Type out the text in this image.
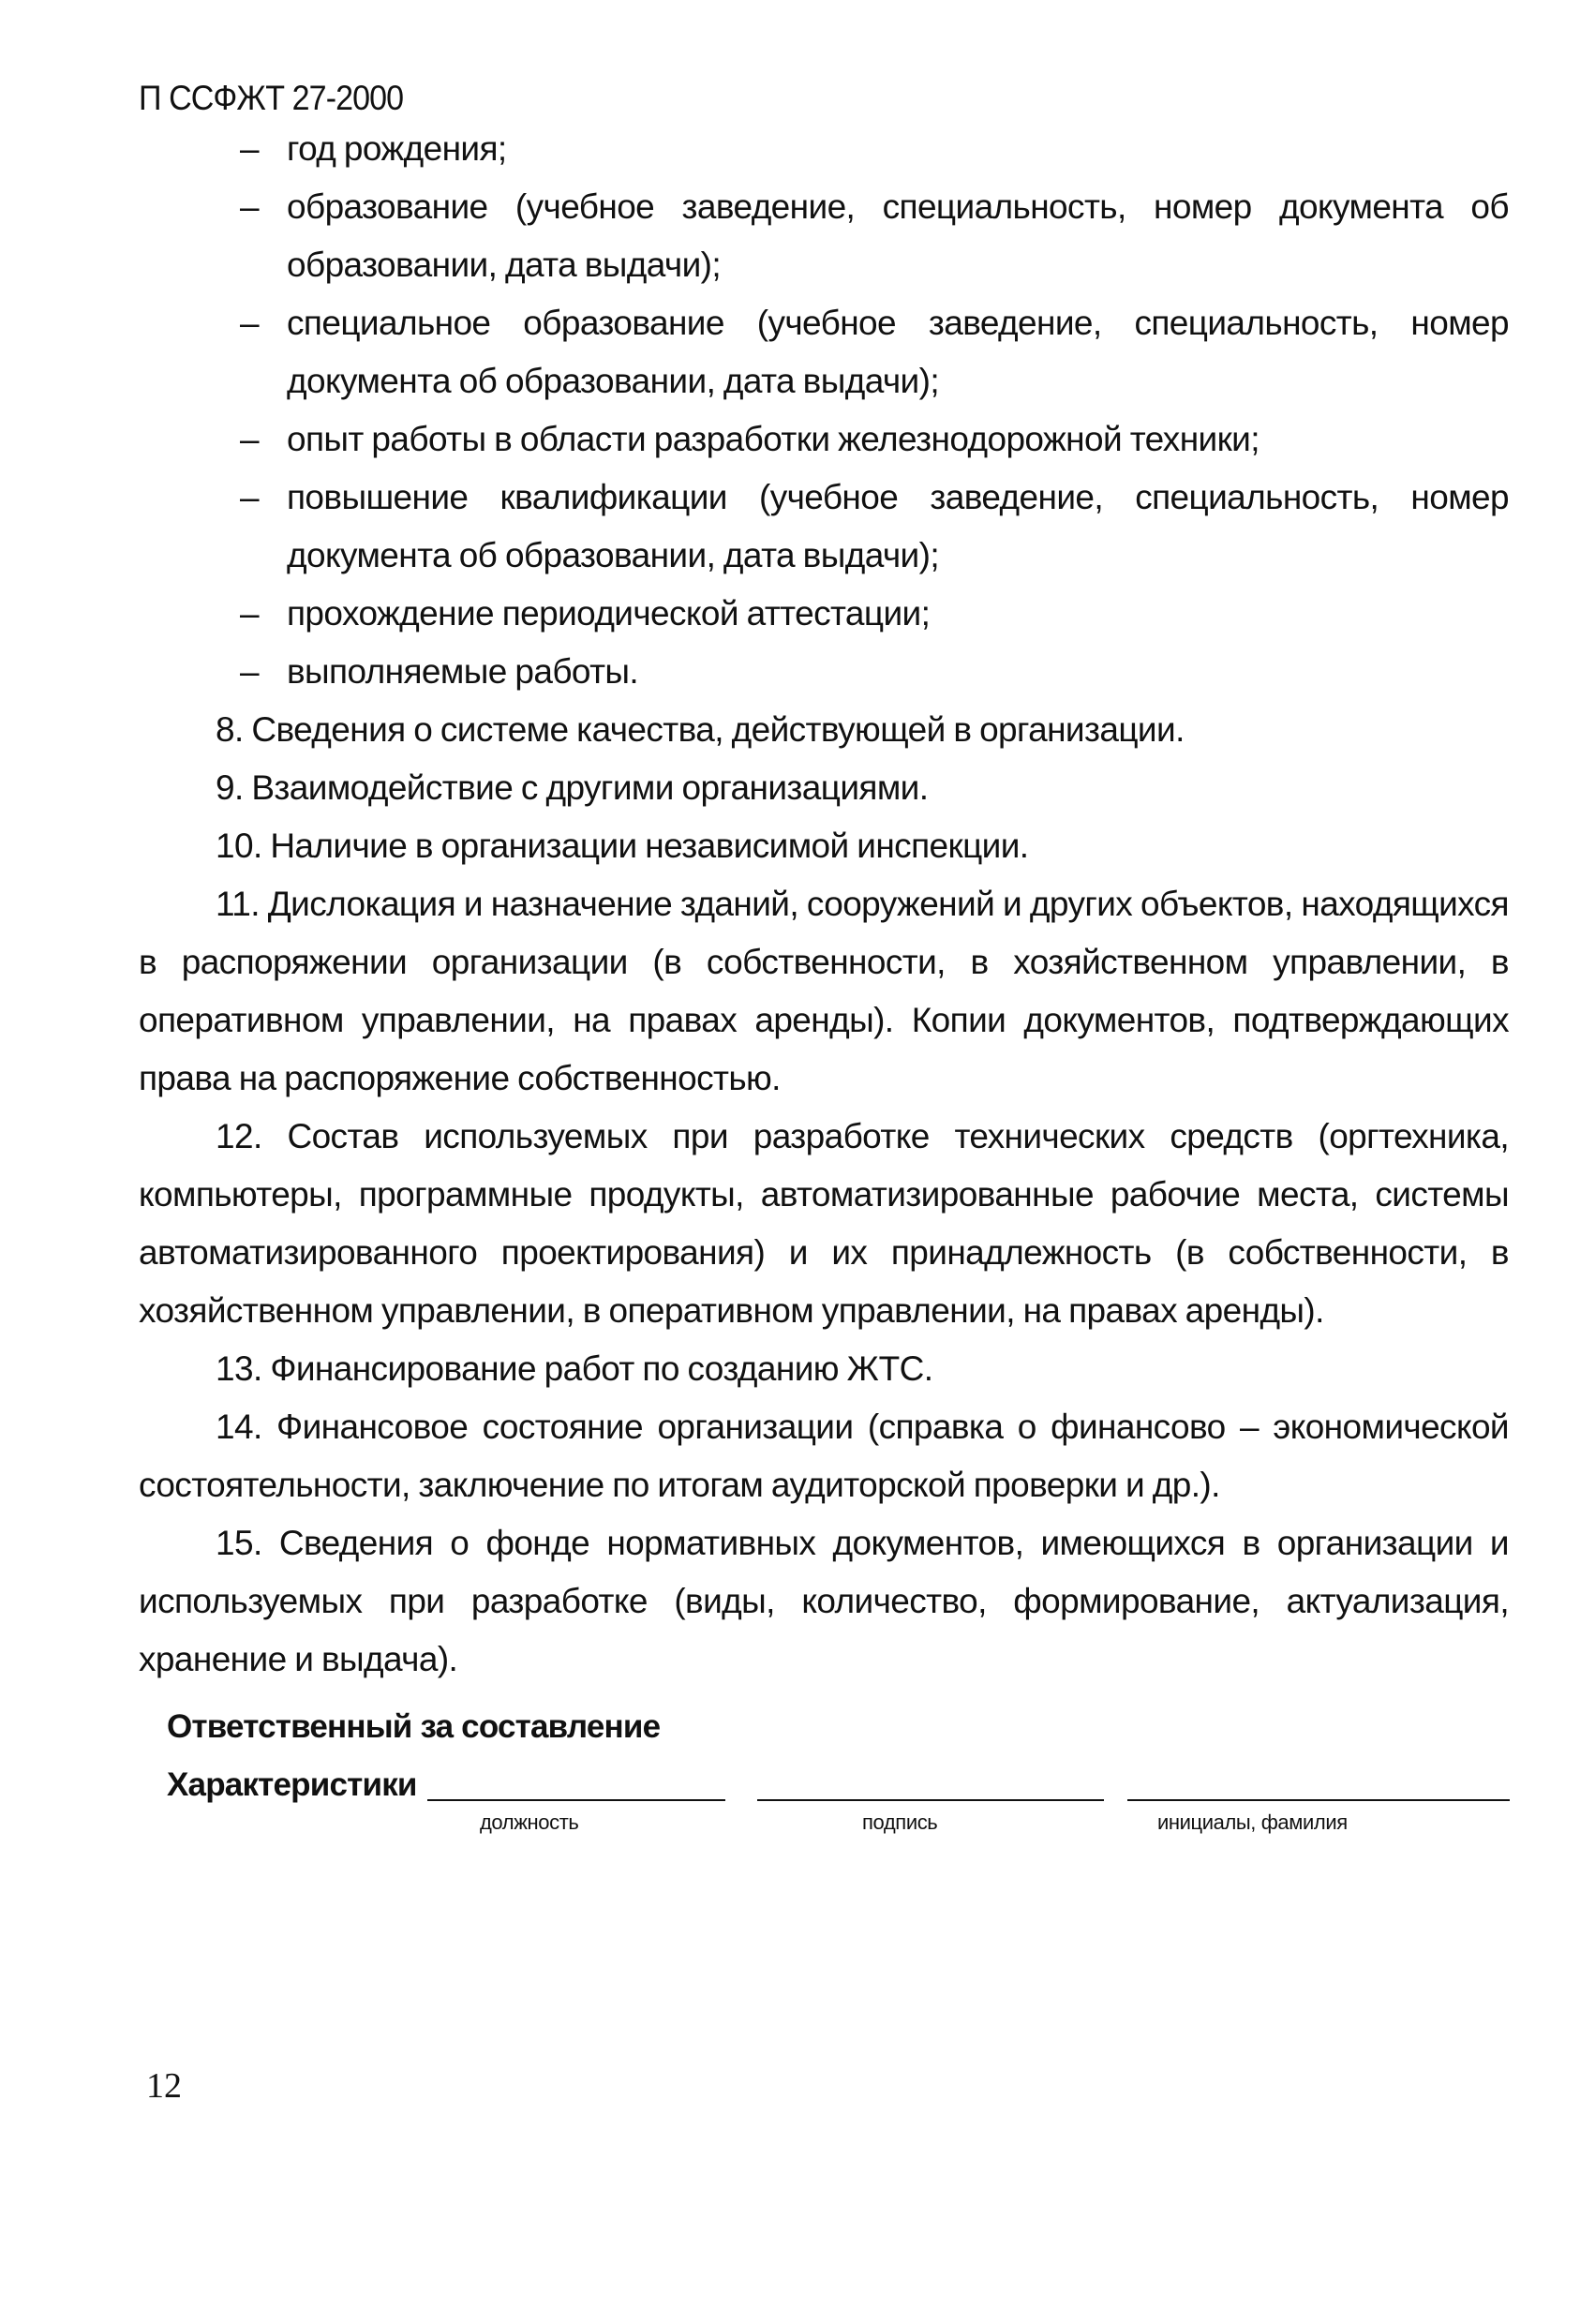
П ССФЖТ 27-2000
– год рождения;
– образование (учебное заведение, специальность, номер документа об образовании, дата выдачи);
– специальное образование (учебное заведение, специальность, номер документа об образовании, дата выдачи);
– опыт работы в области разработки железнодорожной техники;
– повышение квалификации (учебное заведение, специальность, номер документа об образовании, дата выдачи);
– прохождение периодической аттестации;
– выполняемые работы.

8. Сведения о системе качества, действующей в организации.

9. Взаимодействие с другими организациями.

10. Наличие в организации независимой инспекции.

11. Дислокация и назначение зданий, сооружений и других объектов, находящихся в распоряжении организации (в собственности, в хозяйственном управлении, в оперативном управлении, на правах аренды). Копии документов, подтверждающих права на распоряжение собственностью.

12. Состав используемых при разработке технических средств (оргтехника, компьютеры, программные продукты, автоматизированные рабочие места, системы автоматизированного проектирования) и их принадлежность (в собственности, в хозяйственном управлении, в оперативном управлении, на правах аренды).

13. Финансирование работ по созданию ЖТС.

14. Финансовое состояние организации (справка о финансово – экономической состоятельности, заключение по итогам аудиторской проверки и др.).

15. Сведения о фонде нормативных документов, имеющихся в организации и используемых при разработке (виды, количество, формирование, актуализация, хранение и выдача).

Ответственный за составление
Характеристики
должность	подпись	инициалы, фамилия
12
